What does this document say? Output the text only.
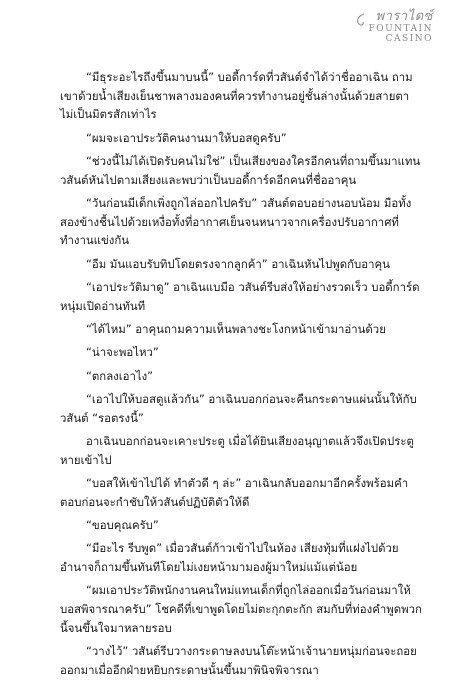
พาราไดซ์
FOUNTAIN
CASINO

“มีธุระอะไรถึงขึ้นมาบนนี้” บอดี้การ์ดที่วสันต์จำได้ว่าชื่ออาเฉิน ถามเขาด้วยน้ำเสียงเย็นชาพลางมองคนที่ควรทำงานอยู่ชั้นล่างนั้นด้วยสายตาไม่เป็นมิตรสักเท่าไร

“ผมจะเอาประวัติคนงานมาให้บอสดูครับ”

“ช่วงนี้ไม่ได้เปิดรับคนไม่ใช่” เป็นเสียงของใครอีกคนที่ถามขึ้นมาแทนวสันต์หันไปตามเสียงและพบว่าเป็นบอดี้การ์ดอีกคนที่ชื่ออาคุน

“วันก่อนมีเด็กเพิ่งถูกไล่ออกไปครับ” วสันต์ตอบอย่างนอบน้อม มือทั้งสองข้างชื้นไปด้วยเหงื่อทั้งที่อากาศเย็นจนหนาวจากเครื่องปรับอากาศที่ทำงานแข่งกัน

“อืม มันแอบรับทิปโดยตรงจากลูกค้า” อาเฉินหันไปพูดกับอาคุน

“เอาประวัติมาดู” อาเฉินแบมือ วสันต์รีบส่งให้อย่างรวดเร็ว บอดี้การ์ดหนุ่มเปิดอ่านทันที

“ได้ไหม” อาคุนถามความเห็นพลางชะโงกหน้าเข้ามาอ่านด้วย

“น่าจะพอไหว”

“ตกลงเอาไง”

“เอาไปให้บอสดูแล้วกัน” อาเฉินบอกก่อนจะคืนกระดาษแผ่นนั้นให้กับวสันต์ “รอตรงนี้”

อาเฉินบอกก่อนจะเคาะประตู เมื่อได้ยินเสียงอนุญาตแล้วจึงเปิดประตูหายเข้าไป

“บอสให้เข้าไปได้ ทำตัวดี ๆ ล่ะ” อาเฉินกลับออกมาอีกครั้งพร้อมคำตอบก่อนจะกำชับให้วสันต์ปฏิบัติตัวให้ดี

“ขอบคุณครับ”

“มีอะไร รีบพูด” เมื่อวสันต์ก้าวเข้าไปในห้อง เสียงทุ้มที่แฝงไปด้วยอำนาจก็ถามขึ้นทันทีโดยไม่เงยหน้ามามองผู้มาใหม่แม้แต่น้อย

“ผมเอาประวัติพนักงานคนใหม่แทนเด็กที่ถูกไล่ออกเมื่อวันก่อนมาให้บอสพิจารณาครับ” โชคดีที่เขาพูดโดยไม่ตะกุกตะกัก สมกับที่ท่องคำพูดพวกนี้จนขึ้นใจมาหลายรอบ

“วางไว้” วสันต์รีบวางกระดาษลงบนโต๊ะหน้าเจ้านายหนุ่มก่อนจะถอยออกมาเมื่ออีกฝ่ายหยิบกระดาษนั้นขึ้นมาพินิจพิจารณา
